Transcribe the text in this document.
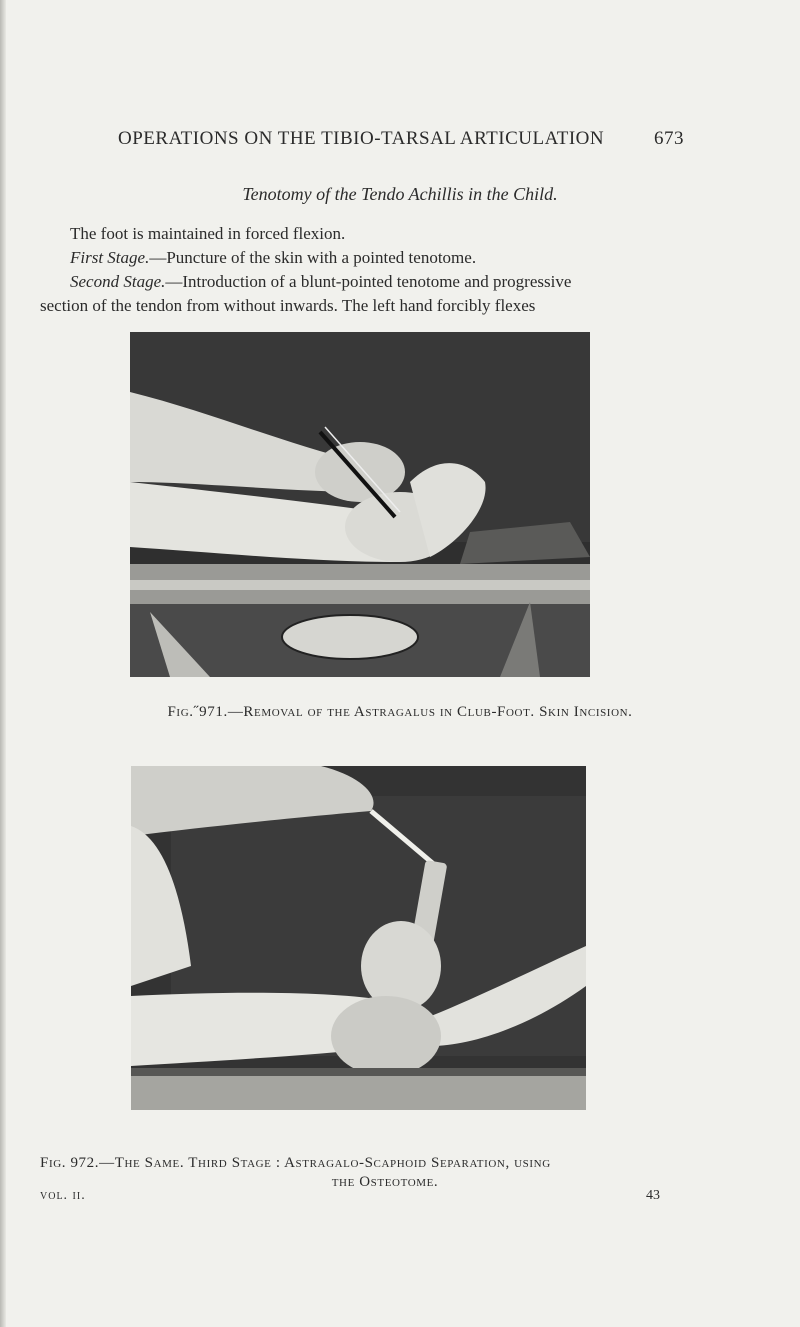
OPERATIONS ON THE TIBIO-TARSAL ARTICULATION	673
Tenotomy of the Tendo Achillis in the Child.
The foot is maintained in forced flexion.
First Stage.—Puncture of the skin with a pointed tenotome.
Second Stage.—Introduction of a blunt-pointed tenotome and progressive
section of the tendon from without inwards. The left hand forcibly flexes
Fig.˝971.—Removal of the Astragalus in Club-Foot. Skin Incision.
Fig. 972.—The Same. Third Stage : Astragalo-Scaphoid Separation, using
the Osteotome.
vol. ii.	43
